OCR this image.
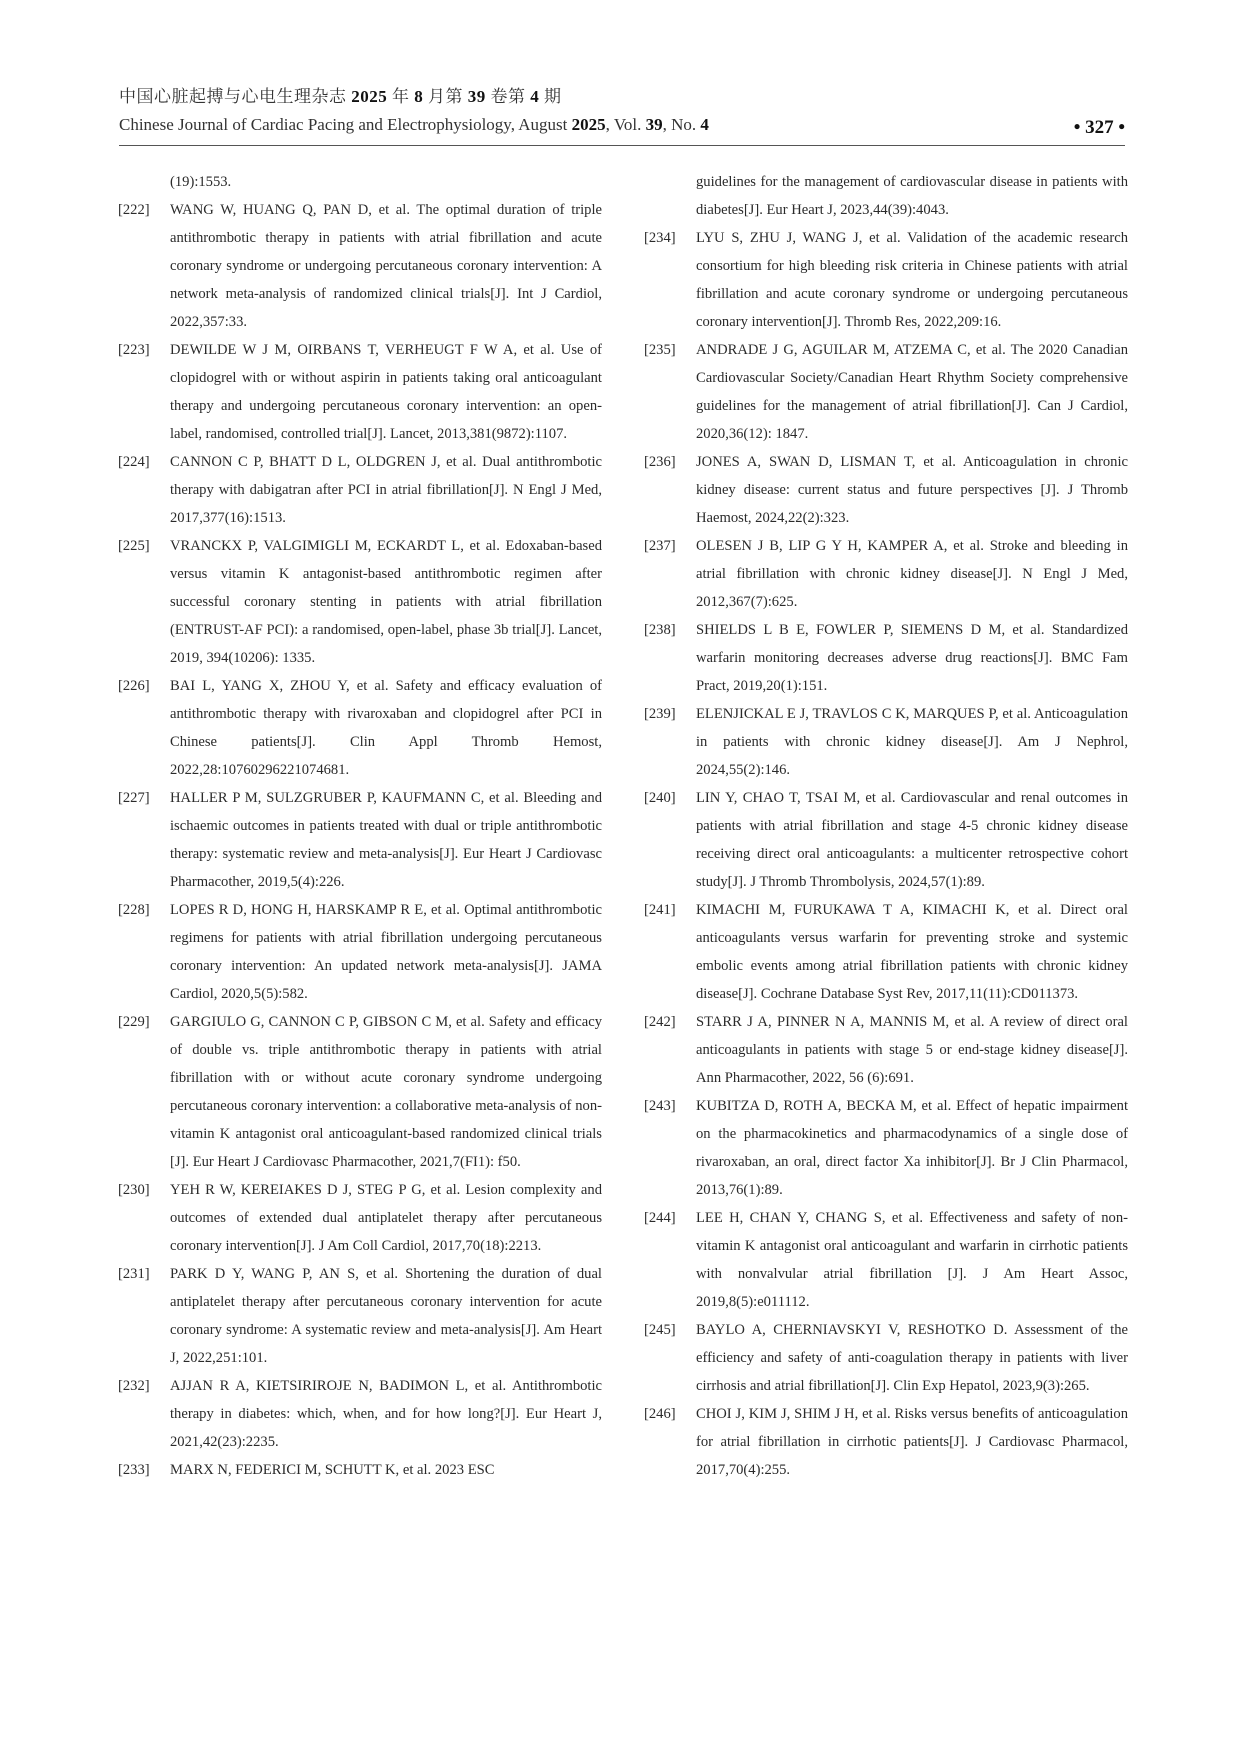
中国心脏起搏与心电生理杂志 2025 年 8 月第 39 卷第 4 期
Chinese Journal of Cardiac Pacing and Electrophysiology, August 2025, Vol. 39, No. 4	• 327 •
(19):1553.
[222]	WANG W, HUANG Q, PAN D, et al. The optimal duration of triple antithrombotic therapy in patients with atrial fibrillation and acute coronary syndrome or undergoing percutaneous coronary intervention: A network meta-analysis of randomized clinical trials[J]. Int J Cardiol, 2022,357:33.
[223]	DEWILDE W J M, OIRBANS T, VERHEUGT F W A, et al. Use of clopidogrel with or without aspirin in patients taking oral anticoagulant therapy and undergoing percutaneous coronary intervention: an open-label, randomised, controlled trial[J]. Lancet, 2013,381(9872):1107.
[224]	CANNON C P, BHATT D L, OLDGREN J, et al. Dual antithrombotic therapy with dabigatran after PCI in atrial fibrillation[J]. N Engl J Med, 2017,377(16):1513.
[225]	VRANCKX P, VALGIMIGLI M, ECKARDT L, et al. Edoxaban-based versus vitamin K antagonist-based antithrombotic regimen after successful coronary stenting in patients with atrial fibrillation (ENTRUST-AF PCI): a randomised, open-label, phase 3b trial[J]. Lancet, 2019, 394(10206): 1335.
[226]	BAI L, YANG X, ZHOU Y, et al. Safety and efficacy evaluation of antithrombotic therapy with rivaroxaban and clopidogrel after PCI in Chinese patients[J]. Clin Appl Thromb Hemost, 2022,28:10760296221074681.
[227]	HALLER P M, SULZGRUBER P, KAUFMANN C, et al. Bleeding and ischaemic outcomes in patients treated with dual or triple antithrombotic therapy: systematic review and meta-analysis[J]. Eur Heart J Cardiovasc Pharmacother, 2019,5(4):226.
[228]	LOPES R D, HONG H, HARSKAMP R E, et al. Optimal antithrombotic regimens for patients with atrial fibrillation undergoing percutaneous coronary intervention: An updated network meta-analysis[J]. JAMA Cardiol, 2020,5(5):582.
[229]	GARGIULO G, CANNON C P, GIBSON C M, et al. Safety and efficacy of double vs. triple antithrombotic therapy in patients with atrial fibrillation with or without acute coronary syndrome undergoing percutaneous coronary intervention: a collaborative meta-analysis of non-vitamin K antagonist oral anticoagulant-based randomized clinical trials [J]. Eur Heart J Cardiovasc Pharmacother, 2021,7(FI1): f50.
[230]	YEH R W, KEREIAKES D J, STEG P G, et al. Lesion complexity and outcomes of extended dual antiplatelet therapy after percutaneous coronary intervention[J]. J Am Coll Cardiol, 2017,70(18):2213.
[231]	PARK D Y, WANG P, AN S, et al. Shortening the duration of dual antiplatelet therapy after percutaneous coronary intervention for acute coronary syndrome: A systematic review and meta-analysis[J]. Am Heart J, 2022,251:101.
[232]	AJJAN R A, KIETSIRIROJE N, BADIMON L, et al. Antithrombotic therapy in diabetes: which, when, and for how long?[J]. Eur Heart J, 2021,42(23):2235.
[233]	MARX N, FEDERICI M, SCHUTT K, et al. 2023 ESC
guidelines for the management of cardiovascular disease in patients with diabetes[J]. Eur Heart J, 2023,44(39):4043.
[234]	LYU S, ZHU J, WANG J, et al. Validation of the academic research consortium for high bleeding risk criteria in Chinese patients with atrial fibrillation and acute coronary syndrome or undergoing percutaneous coronary intervention[J]. Thromb Res, 2022,209:16.
[235]	ANDRADE J G, AGUILAR M, ATZEMA C, et al. The 2020 Canadian Cardiovascular Society/Canadian Heart Rhythm Society comprehensive guidelines for the management of atrial fibrillation[J]. Can J Cardiol, 2020,36(12): 1847.
[236]	JONES A, SWAN D, LISMAN T, et al. Anticoagulation in chronic kidney disease: current status and future perspectives [J]. J Thromb Haemost, 2024,22(2):323.
[237]	OLESEN J B, LIP G Y H, KAMPER A, et al. Stroke and bleeding in atrial fibrillation with chronic kidney disease[J]. N Engl J Med, 2012,367(7):625.
[238]	SHIELDS L B E, FOWLER P, SIEMENS D M, et al. Standardized warfarin monitoring decreases adverse drug reactions[J]. BMC Fam Pract, 2019,20(1):151.
[239]	ELENJICKAL E J, TRAVLOS C K, MARQUES P, et al. Anticoagulation in patients with chronic kidney disease[J]. Am J Nephrol, 2024,55(2):146.
[240]	LIN Y, CHAO T, TSAI M, et al. Cardiovascular and renal outcomes in patients with atrial fibrillation and stage 4-5 chronic kidney disease receiving direct oral anticoagulants: a multicenter retrospective cohort study[J]. J Thromb Thrombolysis, 2024,57(1):89.
[241]	KIMACHI M, FURUKAWA T A, KIMACHI K, et al. Direct oral anticoagulants versus warfarin for preventing stroke and systemic embolic events among atrial fibrillation patients with chronic kidney disease[J]. Cochrane Database Syst Rev, 2017,11(11):CD011373.
[242]	STARR J A, PINNER N A, MANNIS M, et al. A review of direct oral anticoagulants in patients with stage 5 or end-stage kidney disease[J]. Ann Pharmacother, 2022, 56 (6):691.
[243]	KUBITZA D, ROTH A, BECKA M, et al. Effect of hepatic impairment on the pharmacokinetics and pharmacodynamics of a single dose of rivaroxaban, an oral, direct factor Xa inhibitor[J]. Br J Clin Pharmacol, 2013,76(1):89.
[244]	LEE H, CHAN Y, CHANG S, et al. Effectiveness and safety of non-vitamin K antagonist oral anticoagulant and warfarin in cirrhotic patients with nonvalvular atrial fibrillation [J]. J Am Heart Assoc, 2019,8(5):e011112.
[245]	BAYLO A, CHERNIAVSKYI V, RESHOTKO D. Assessment of the efficiency and safety of anti-coagulation therapy in patients with liver cirrhosis and atrial fibrillation[J]. Clin Exp Hepatol, 2023,9(3):265.
[246]	CHOI J, KIM J, SHIM J H, et al. Risks versus benefits of anticoagulation for atrial fibrillation in cirrhotic patients[J]. J Cardiovasc Pharmacol, 2017,70(4):255.
